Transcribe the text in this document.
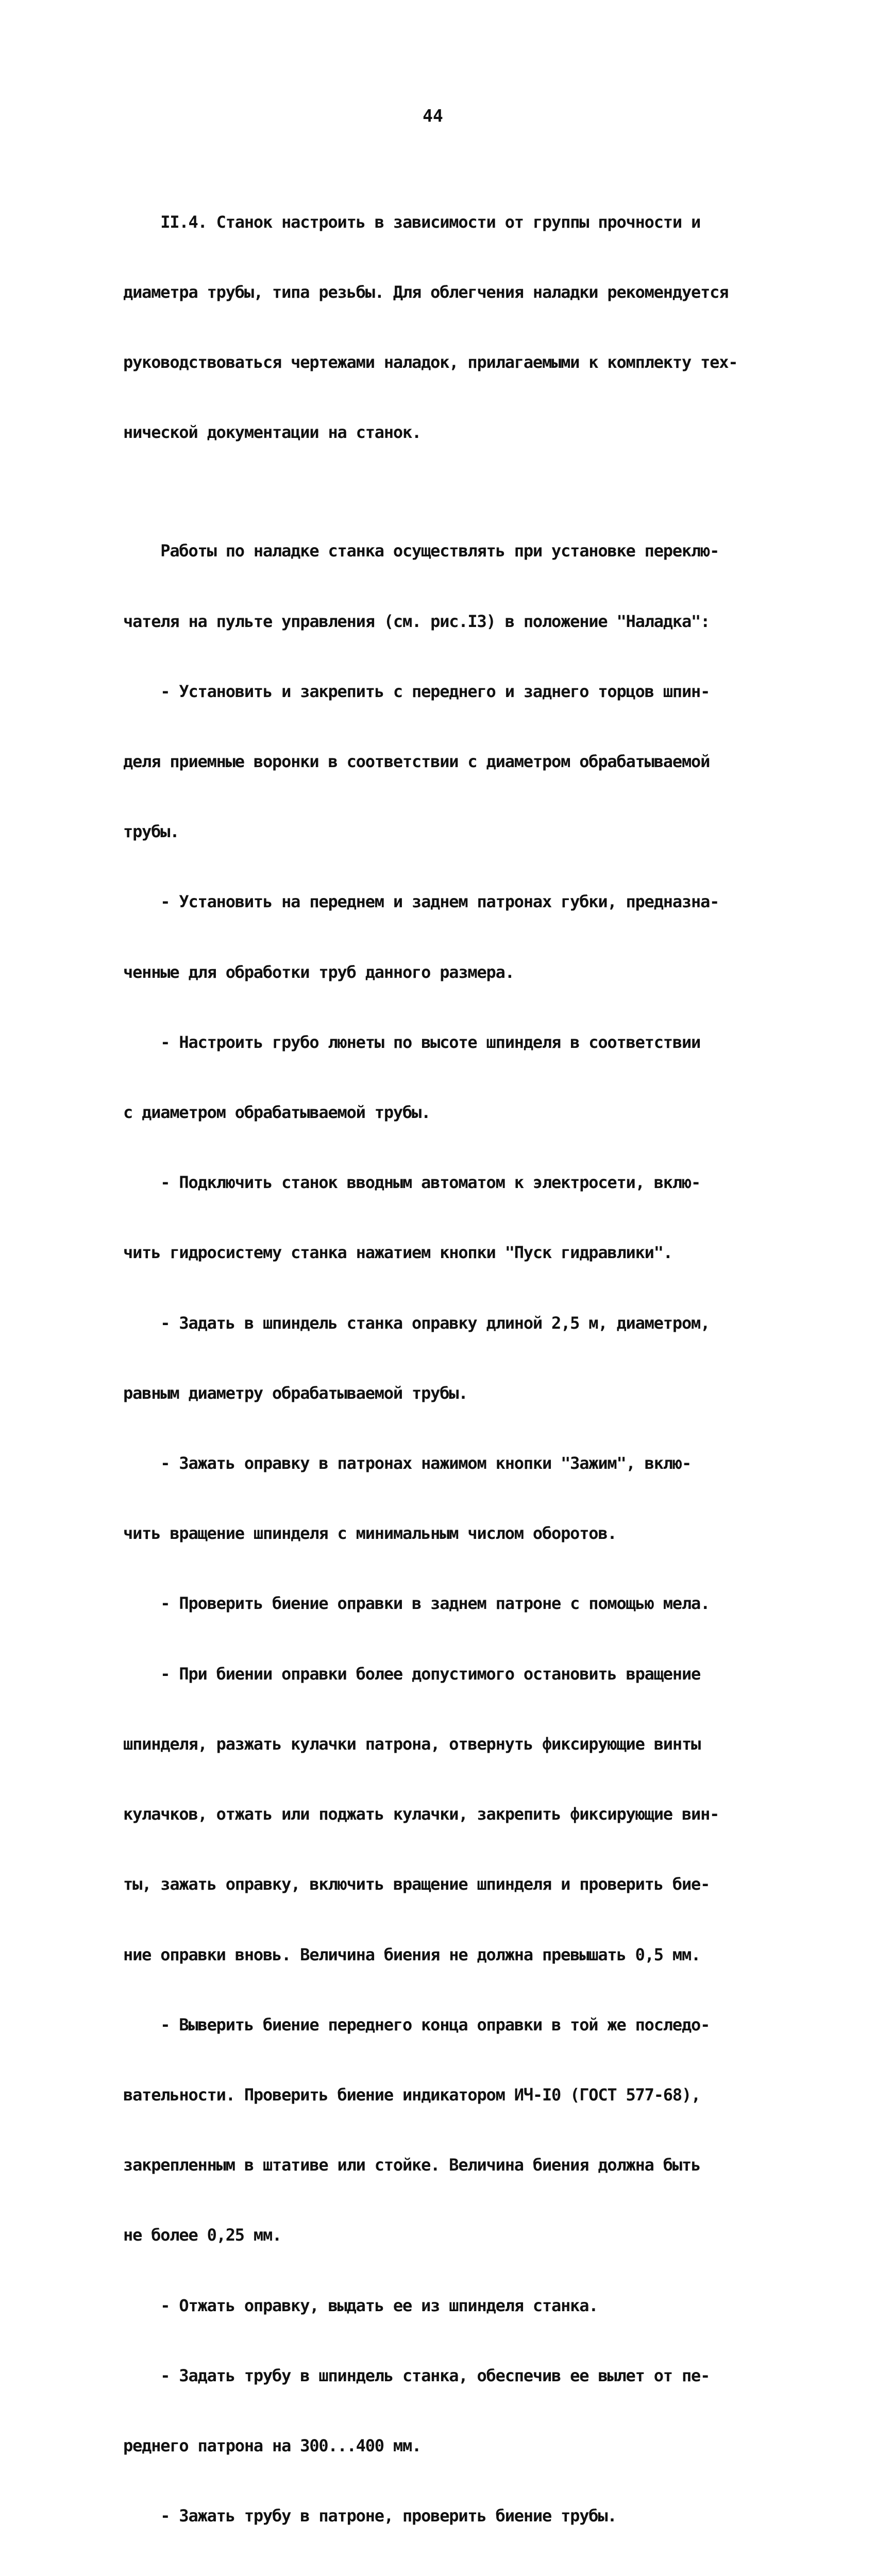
44

II.4. Станок настроить в зависимости от группы прочности и

диаметра трубы, типа резьбы. Для облегчения наладки рекомендуется

руководствоваться чертежами наладок, прилагаемыми к комплекту тех-

нической документации на станок.

Работы по наладке станка осуществлять при установке переклю-

чателя на пульте управления (см. рис.I3) в положение "Наладка":

- Установить и закрепить с переднего и заднего торцов шпин-

деля приемные воронки в соответствии с диаметром обрабатываемой

трубы.

- Установить на переднем и заднем патронах губки, предназна-

ченные для обработки труб данного размера.

- Настроить грубо люнеты по высоте шпинделя в соответствии

с диаметром обрабатываемой трубы.

- Подключить станок вводным автоматом к электросети, вклю-

чить гидросистему станка нажатием кнопки "Пуск гидравлики".

- Задать в шпиндель станка оправку длиной 2,5 м, диаметром,

равным диаметру обрабатываемой трубы.

- Зажать оправку в патронах нажимом кнопки "Зажим", вклю-

чить вращение шпинделя с минимальным числом оборотов.

- Проверить биение оправки в заднем патроне с помощью мела.

- При биении оправки более допустимого остановить вращение

шпинделя, разжать кулачки патрона, отвернуть фиксирующие винты

кулачков, отжать или поджать кулачки, закрепить фиксирующие вин-

ты, зажать оправку, включить вращение шпинделя и проверить бие-

ние оправки вновь. Величина биения не должна превышать 0,5 мм.

- Выверить биение переднего конца оправки в той же последо-

вательности. Проверить биение индикатором ИЧ-I0 (ГОСТ 577-68),

закрепленным в штативе или стойке. Величина биения должна быть

не более 0,25 мм.

- Отжать оправку, выдать ее из шпинделя станка.

- Задать трубу в шпиндель станка, обеспечив ее вылет от пе-

реднего патрона на 300...400 мм.

- Зажать трубу в патроне, проверить биение трубы.
